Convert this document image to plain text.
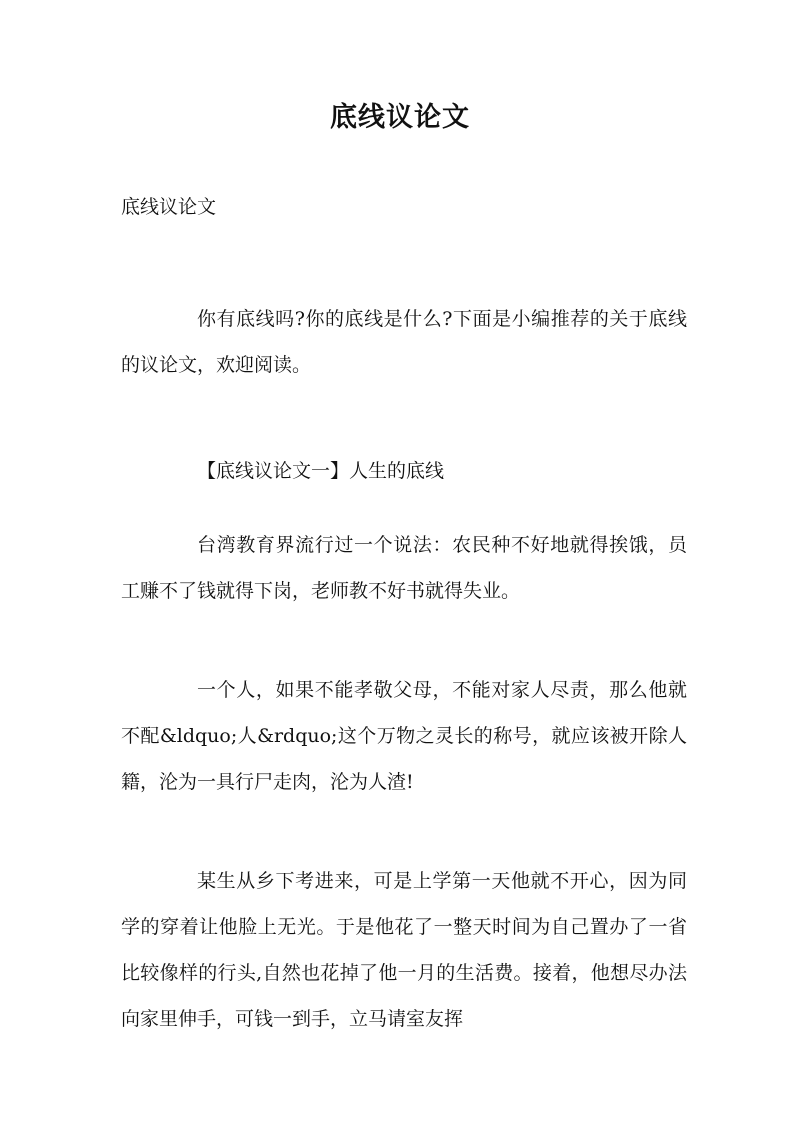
底线议论文

底线议论文

你有底线吗?你的底线是什么?下面是小编推荐的关于底线的议论文，欢迎阅读。

【底线议论文一】人生的底线

台湾教育界流行过一个说法：农民种不好地就得挨饿，员工赚不了钱就得下岗，老师教不好书就得失业。

一个人，如果不能孝敬父母，不能对家人尽责，那么他就不配&ldquo;人&rdquo;这个万物之灵长的称号，就应该被开除人籍，沦为一具行尸走肉，沦为人渣!

某生从乡下考进来，可是上学第一天他就不开心，因为同学的穿着让他脸上无光。于是他花了一整天时间为自己置办了一省比较像样的行头,自然也花掉了他一月的生活费。接着，他想尽办法向家里伸手，可钱一到手，立马请室友挥
